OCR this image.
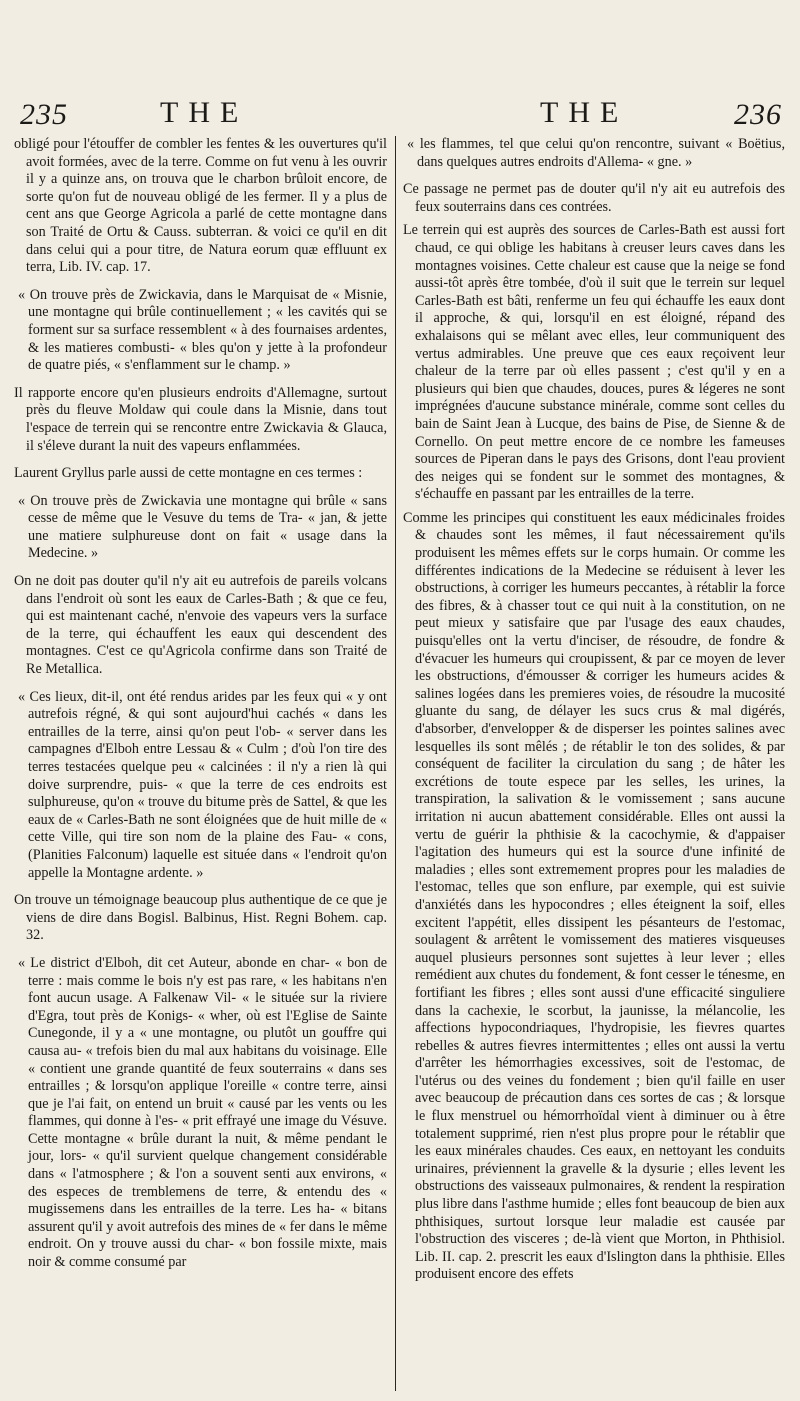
235	THE	THE	236

obligé pour l'étouffer de combler les fentes & les ouvertures qu'il avoit formées, avec de la terre. Comme on fut venu à les ouvrir il y a quinze ans, on trouva que le charbon brûloit encore, de sorte qu'on fut de nouveau obligé de les fermer. Il y a plus de cent ans que George Agricola a parlé de cette montagne dans son Traité de Ortu & Causs. subterran. & voici ce qu'il en dit dans celui qui a pour titre, de Natura eorum quæ effluunt ex terra, Lib. IV. cap. 17.

« On trouve près de Zwickavia, dans le Marquisat de « Misnie, une montagne qui brûle continuellement ; « les cavités qui se forment sur sa surface ressemblent « à des fournaises ardentes, & les matieres combusti- « bles qu'on y jette à la profondeur de quatre piés, « s'enflamment sur le champ. »

Il rapporte encore qu'en plusieurs endroits d'Allemagne, surtout près du fleuve Moldaw qui coule dans la Misnie, dans tout l'espace de terrein qui se rencontre entre Zwickavia & Glauca, il s'éleve durant la nuit des vapeurs enflammées.

Laurent Gryllus parle aussi de cette montagne en ces termes :

« On trouve près de Zwickavia une montagne qui brûle « sans cesse de même que le Vesuve du tems de Tra- « jan, & jette une matiere sulphureuse dont on fait « usage dans la Medecine. »

On ne doit pas douter qu'il n'y ait eu autrefois de pareils volcans dans l'endroit où sont les eaux de Carles-Bath ; & que ce feu, qui est maintenant caché, n'envoie des vapeurs vers la surface de la terre, qui échauffent les eaux qui descendent des montagnes. C'est ce qu'Agricola confirme dans son Traité de Re Metallica.

« Ces lieux, dit-il, ont été rendus arides par les feux qui « y ont autrefois régné, & qui sont aujourd'hui cachés « dans les entrailles de la terre, ainsi qu'on peut l'ob- « server dans les campagnes d'Elboh entre Lessau & « Culm ; d'où l'on tire des terres testacées quelque peu « calcinées : il n'y a rien là qui doive surprendre, puis- « que la terre de ces endroits est sulphureuse, qu'on « trouve du bitume près de Sattel, & que les eaux de « Carles-Bath ne sont éloignées que de huit mille de « cette Ville, qui tire son nom de la plaine des Fau- « cons, (Planities Falconum) laquelle est située dans « l'endroit qu'on appelle la Montagne ardente. »

On trouve un témoignage beaucoup plus authentique de ce que je viens de dire dans Bogisl. Balbinus, Hist. Regni Bohem. cap. 32.

« Le district d'Elboh, dit cet Auteur, abonde en char- « bon de terre : mais comme le bois n'y est pas rare, « les habitans n'en font aucun usage. A Falkenaw Vil- « le située sur la riviere d'Egra, tout près de Konigs- « wher, où est l'Eglise de Sainte Cunegonde, il y a « une montagne, ou plutôt un gouffre qui causa au- « trefois bien du mal aux habitans du voisinage. Elle « contient une grande quantité de feux souterrains « dans ses entrailles ; & lorsqu'on applique l'oreille « contre terre, ainsi que je l'ai fait, on entend un bruit « causé par les vents ou les flammes, qui donne à l'es- « prit effrayé une image du Vésuve. Cette montagne « brûle durant la nuit, & même pendant le jour, lors- « qu'il survient quelque changement considérable dans « l'atmosphere ; & l'on a souvent senti aux environs, « des especes de tremblemens de terre, & entendu des « mugissemens dans les entrailles de la terre. Les ha- « bitans assurent qu'il y avoit autrefois des mines de « fer dans le même endroit. On y trouve aussi du char- « bon fossile mixte, mais noir & comme consumé par

« les flammes, tel que celui qu'on rencontre, suivant « Boëtius, dans quelques autres endroits d'Allema- « gne. »

Ce passage ne permet pas de douter qu'il n'y ait eu autrefois des feux souterrains dans ces contrées.

Le terrein qui est auprès des sources de Carles-Bath est aussi fort chaud, ce qui oblige les habitans à creuser leurs caves dans les montagnes voisines. Cette chaleur est cause que la neige se fond aussi-tôt après être tombée, d'où il suit que le terrein sur lequel Carles-Bath est bâti, renferme un feu qui échauffe les eaux dont il approche, & qui, lorsqu'il en est éloigné, répand des exhalaisons qui se mêlant avec elles, leur communiquent des vertus admirables. Une preuve que ces eaux reçoivent leur chaleur de la terre par où elles passent ; c'est qu'il y en a plusieurs qui bien que chaudes, douces, pures & légeres ne sont imprégnées d'aucune substance minérale, comme sont celles du bain de Saint Jean à Lucque, des bains de Pise, de Sienne & de Cornello. On peut mettre encore de ce nombre les fameuses sources de Piperan dans le pays des Grisons, dont l'eau provient des neiges qui se fondent sur le sommet des montagnes, & s'échauffe en passant par les entrailles de la terre.

Comme les principes qui constituent les eaux médicinales froides & chaudes sont les mêmes, il faut nécessairement qu'ils produisent les mêmes effets sur le corps humain. Or comme les différentes indications de la Medecine se réduisent à lever les obstructions, à corriger les humeurs peccantes, à rétablir la force des fibres, & à chasser tout ce qui nuit à la constitution, on ne peut mieux y satisfaire que par l'usage des eaux chaudes, puisqu'elles ont la vertu d'inciser, de résoudre, de fondre & d'évacuer les humeurs qui croupissent, & par ce moyen de lever les obstructions, d'émousser & corriger les humeurs acides & salines logées dans les premieres voies, de résoudre la mucosité gluante du sang, de délayer les sucs crus & mal digérés, d'absorber, d'envelopper & de disperser les pointes salines avec lesquelles ils sont mêlés ; de rétablir le ton des solides, & par conséquent de faciliter la circulation du sang ; de hâter les excrétions de toute espece par les selles, les urines, la transpiration, la salivation & le vomissement ; sans aucune irritation ni aucun abattement considérable. Elles ont aussi la vertu de guérir la phthisie & la cacochymie, & d'appaiser l'agitation des humeurs qui est la source d'une infinité de maladies ; elles sont extremement propres pour les maladies de l'estomac, telles que son enflure, par exemple, qui est suivie d'anxiétés dans les hypocondres ; elles éteignent la soif, elles excitent l'appétit, elles dissipent les pésanteurs de l'estomac, soulagent & arrêtent le vomissement des matieres visqueuses auquel plusieurs personnes sont sujettes à leur lever ; elles remédient aux chutes du fondement, & font cesser le ténesme, en fortifiant les fibres ; elles sont aussi d'une efficacité singuliere dans la cachexie, le scorbut, la jaunisse, la mélancolie, les affections hypocondriaques, l'hydropisie, les fievres quartes rebelles & autres fievres intermittentes ; elles ont aussi la vertu d'arrêter les hémorrhagies excessives, soit de l'estomac, de l'utérus ou des veines du fondement ; bien qu'il faille en user avec beaucoup de précaution dans ces sortes de cas ; & lorsque le flux menstruel ou hémorrhoïdal vient à diminuer ou à être totalement supprimé, rien n'est plus propre pour le rétablir que les eaux minérales chaudes. Ces eaux, en nettoyant les conduits urinaires, préviennent la gravelle & la dysurie ; elles levent les obstructions des vaisseaux pulmonaires, & rendent la respiration plus libre dans l'asthme humide ; elles font beaucoup de bien aux phthisiques, surtout lorsque leur maladie est causée par l'obstruction des visceres ; de-là vient que Morton, in Phthisiol. Lib. II. cap. 2. prescrit les eaux d'Islington dans la phthisie. Elles produisent encore des effets
